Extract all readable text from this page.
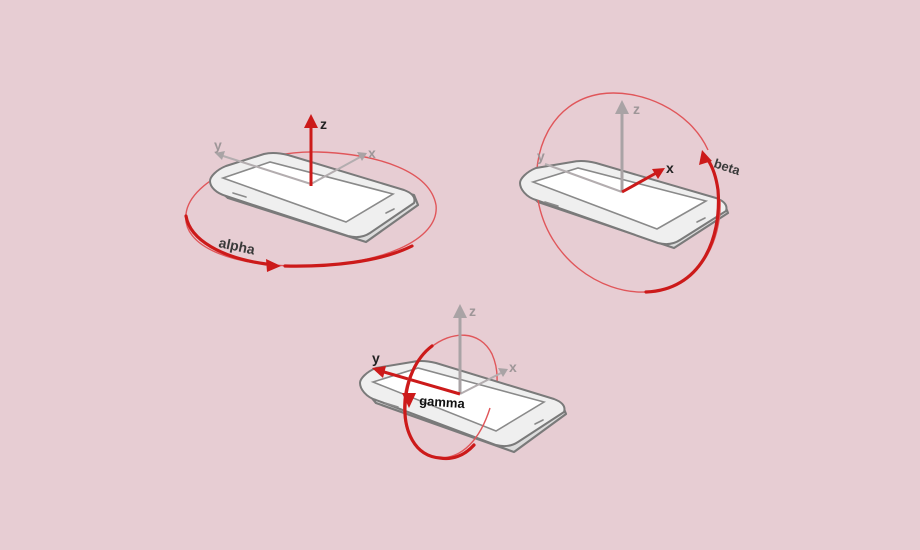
z
x
y
alpha
z
x
y	beta
z
x
y
gamma
